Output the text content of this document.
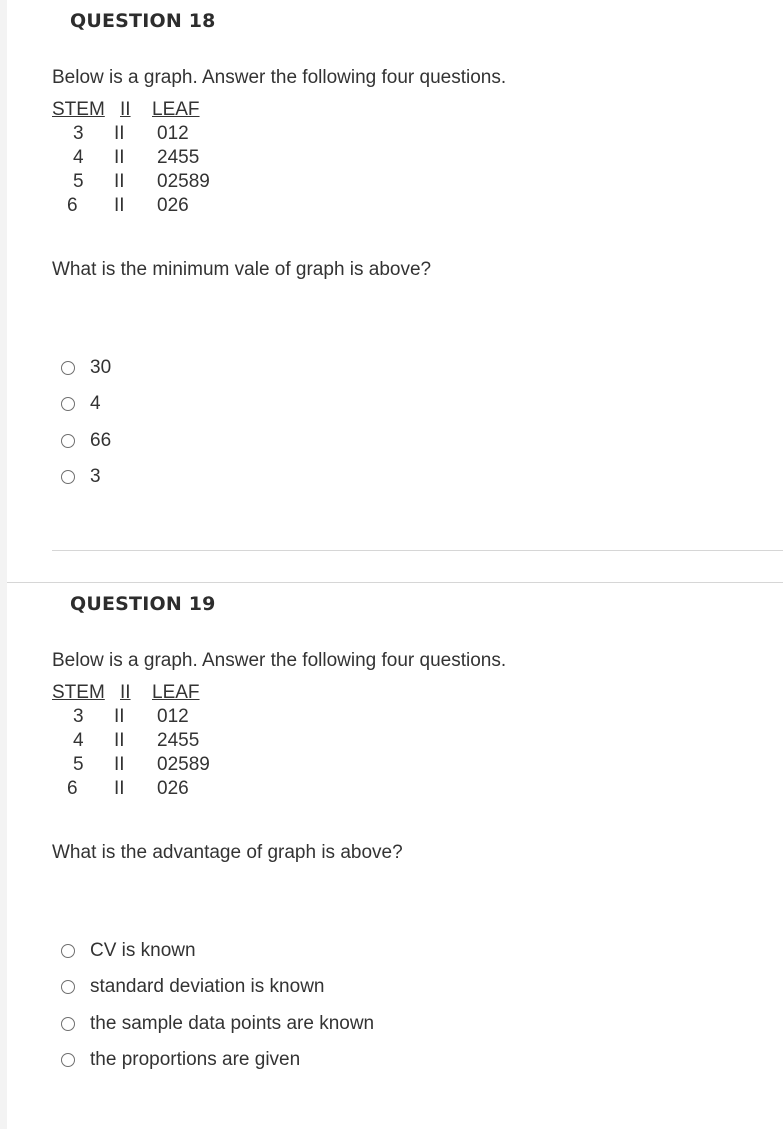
QUESTION 18
Below is a graph. Answer the following four questions.
STEM II LEAF
3 II 012
4 II 2455
5 II 02589
6 II 026
What is the minimum vale of graph is above?
30
4
66
3
QUESTION 19
Below is a graph. Answer the following four questions.
STEM II LEAF
3 II 012
4 II 2455
5 II 02589
6 II 026
What is the advantage of graph is above?
CV is known
standard deviation is known
the sample data points are known
the proportions are given
